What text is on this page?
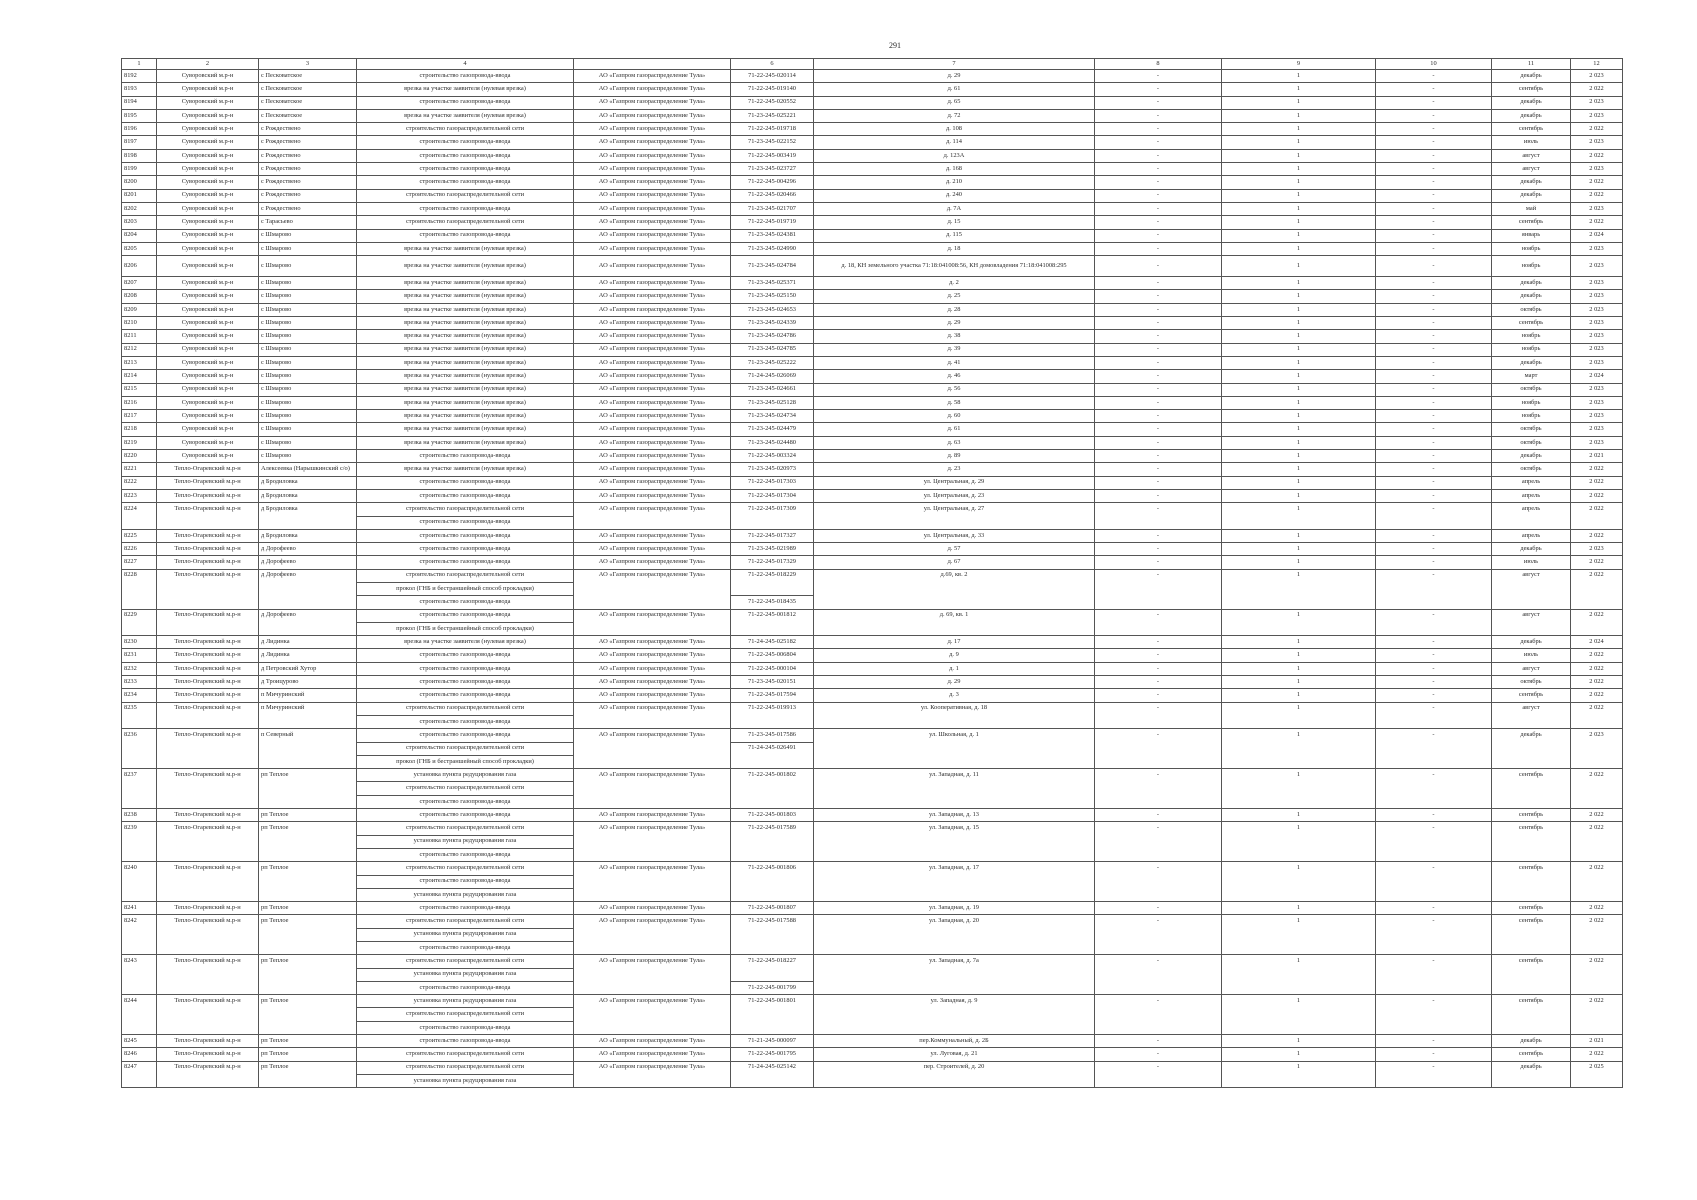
291
1	2	3	4		6	7	8	9	10	11	12
8192	Суворовский м.р-н	с Песковатское	строительство газопровода-ввода	АО «Газпром газораспределение Тула»	71-22-245-020114	д. 29	-	1	-	декабрь	2 023
8193	Суворовский м.р-н	с Песковатское	врезка на участке заявителя (нулевая врезка)	АО «Газпром газораспределение Тула»	71-22-245-019140	д. 61	-	1	-	сентябрь	2 022
8194	Суворовский м.р-н	с Песковатское	строительство газопровода-ввода	АО «Газпром газораспределение Тула»	71-22-245-020552	д. 65	-	1	-	декабрь	2 023
8195	Суворовский м.р-н	с Песковатское	врезка на участке заявителя (нулевая врезка)	АО «Газпром газораспределение Тула»	71-23-245-025221	д. 72	-	1	-	декабрь	2 023
8196	Суворовский м.р-н	с Рождествено	строительство газораспределительной сети	АО «Газпром газораспределение Тула»	71-22-245-019718	д. 108	-	1	-	сентябрь	2 022
8197	Суворовский м.р-н	с Рождествено	строительство газопровода-ввода	АО «Газпром газораспределение Тула»	71-23-245-022152	д. 114	-	1	-	июль	2 023
8198	Суворовский м.р-н	с Рождествено	строительство газопровода-ввода	АО «Газпром газораспределение Тула»	71-22-245-003419	д. 123А	-	1	-	август	2 022
8199	Суворовский м.р-н	с Рождествено	строительство газопровода-ввода	АО «Газпром газораспределение Тула»	71-23-245-023727	д. 168	-	1	-	август	2 023
8200	Суворовский м.р-н	с Рождествено	строительство газопровода-ввода	АО «Газпром газораспределение Тула»	71-22-245-004296	д. 210	-	1	-	декабрь	2 022
8201	Суворовский м.р-н	с Рождествено	строительство газораспределительной сети	АО «Газпром газораспределение Тула»	71-22-245-020466	д. 240	-	1	-	декабрь	2 022
8202	Суворовский м.р-н	с Рождествено	строительство газопровода-ввода	АО «Газпром газораспределение Тула»	71-23-245-021707	д. 7А	-	1	-	май	2 023
8203	Суворовский м.р-н	с Тарасьево	строительство газораспределительной сети	АО «Газпром газораспределение Тула»	71-22-245-019719	д. 15	-	1	-	сентябрь	2 022
8204	Суворовский м.р-н	с Шмарово	строительство газопровода-ввода	АО «Газпром газораспределение Тула»	71-23-245-024381	д. 115	-	1	-	январь	2 024
8205	Суворовский м.р-н	с Шмарово	врезка на участке заявителя (нулевая врезка)	АО «Газпром газораспределение Тула»	71-23-245-024990	д. 18	-	1	-	ноябрь	2 023
8206	Суворовский м.р-н	с Шмарово	врезка на участке заявителя (нулевая врезка)	АО «Газпром газораспределение Тула»	71-23-245-024784	д. 18, КН земельного участка 71:18:041008:56, КН домовладения 71:18:041008:295	-	1	-	ноябрь	2 023
8207	Суворовский м.р-н	с Шмарово	врезка на участке заявителя (нулевая врезка)	АО «Газпром газораспределение Тула»	71-23-245-025371	д. 2	-	1	-	декабрь	2 023
8208	Суворовский м.р-н	с Шмарово	врезка на участке заявителя (нулевая врезка)	АО «Газпром газораспределение Тула»	71-23-245-025150	д. 25	-	1	-	декабрь	2 023
8209	Суворовский м.р-н	с Шмарово	врезка на участке заявителя (нулевая врезка)	АО «Газпром газораспределение Тула»	71-23-245-024653	д. 28	-	1	-	октябрь	2 023
8210	Суворовский м.р-н	с Шмарово	врезка на участке заявителя (нулевая врезка)	АО «Газпром газораспределение Тула»	71-23-245-024339	д. 29	-	1	-	сентябрь	2 023
8211	Суворовский м.р-н	с Шмарово	врезка на участке заявителя (нулевая врезка)	АО «Газпром газораспределение Тула»	71-23-245-024786	д. 38	-	1	-	ноябрь	2 023
8212	Суворовский м.р-н	с Шмарово	врезка на участке заявителя (нулевая врезка)	АО «Газпром газораспределение Тула»	71-23-245-024785	д. 39	-	1	-	ноябрь	2 023
8213	Суворовский м.р-н	с Шмарово	врезка на участке заявителя (нулевая врезка)	АО «Газпром газораспределение Тула»	71-23-245-025222	д. 41	-	1	-	декабрь	2 023
8214	Суворовский м.р-н	с Шмарово	врезка на участке заявителя (нулевая врезка)	АО «Газпром газораспределение Тула»	71-24-245-026069	д. 46	-	1	-	март	2 024
8215	Суворовский м.р-н	с Шмарово	врезка на участке заявителя (нулевая врезка)	АО «Газпром газораспределение Тула»	71-23-245-024661	д. 56	-	1	-	октябрь	2 023
8216	Суворовский м.р-н	с Шмарово	врезка на участке заявителя (нулевая врезка)	АО «Газпром газораспределение Тула»	71-23-245-025128	д. 58	-	1	-	ноябрь	2 023
8217	Суворовский м.р-н	с Шмарово	врезка на участке заявителя (нулевая врезка)	АО «Газпром газораспределение Тула»	71-23-245-024734	д. 60	-	1	-	ноябрь	2 023
8218	Суворовский м.р-н	с Шмарово	врезка на участке заявителя (нулевая врезка)	АО «Газпром газораспределение Тула»	71-23-245-024479	д. 61	-	1	-	октябрь	2 023
8219	Суворовский м.р-н	с Шмарово	врезка на участке заявителя (нулевая врезка)	АО «Газпром газораспределение Тула»	71-23-245-024480	д. 63	-	1	-	октябрь	2 023
8220	Суворовский м.р-н	с Шмарово	строительство газопровода-ввода	АО «Газпром газораспределение Тула»	71-22-245-003324	д. 89	-	1	-	декабрь	2 021
8221	Тепло-Огаревский м.р-н	Алексеевка (Нарышкинский с/о)	врезка на участке заявителя (нулевая врезка)	АО «Газпром газораспределение Тула»	71-23-245-020973	д. 23	-	1	-	октябрь	2 022
8222	Тепло-Огаревский м.р-н	д Бродиловка	строительство газопровода-ввода	АО «Газпром газораспределение Тула»	71-22-245-017303	ул. Центральная, д. 29	-	1	-	апрель	2 022
8223	Тепло-Огаревский м.р-н	д Бродиловка	строительство газопровода-ввода	АО «Газпром газораспределение Тула»	71-22-245-017304	ул. Центральная, д. 23	-	1	-	апрель	2 022
8224	Тепло-Огаревский м.р-н	д Бродиловка	строительство газораспределительной сети	АО «Газпром газораспределение Тула»	71-22-245-017309	ул. Центральная, д. 27	-	1	-	апрель	2 022
			строительство газопровода-ввода								
8225	Тепло-Огаревский м.р-н	д Бродиловка	строительство газопровода-ввода	АО «Газпром газораспределение Тула»	71-22-245-017327	ул. Центральная, д. 33	-	1	-	апрель	2 022
8226	Тепло-Огаревский м.р-н	д Дорофеево	строительство газопровода-ввода	АО «Газпром газораспределение Тула»	71-23-245-021989	д. 57	-	1	-	декабрь	2 023
8227	Тепло-Огаревский м.р-н	д Дорофеево	строительство газопровода-ввода	АО «Газпром газораспределение Тула»	71-22-245-017329	д. 67	-	1	-	июль	2 022
8228	Тепло-Огаревский м.р-н	д Дорофеево	строительство газораспределительной сети	АО «Газпром газораспределение Тула»	71-22-245-018229	д.69, кв. 2	-	1	-	август	2 022
			прокол (ГНБ и бестраншейный способ прокладки)								
			строительство газопровода-ввода		71-22-245-018435						
8229	Тепло-Огаревский м.р-н	д Дорофеево	строительство газопровода-ввода	АО «Газпром газораспределение Тула»	71-22-245-001812	д. 69, кв. 1	-	1	-	август	2 022
			прокол (ГНБ и бестраншейный способ прокладки)								
8230	Тепло-Огаревский м.р-н	д Лидинка	врезка на участке заявителя (нулевая врезка)	АО «Газпром газораспределение Тула»	71-24-245-025182	д. 17	-	1	-	декабрь	2 024
8231	Тепло-Огаревский м.р-н	д Лидинка	строительство газопровода-ввода	АО «Газпром газораспределение Тула»	71-22-245-006804	д. 9	-	1	-	июль	2 022
8232	Тепло-Огаревский м.р-н	д Петровский Хутор	строительство газопровода-ввода	АО «Газпром газораспределение Тула»	71-22-245-000104	д. 1	-	1	-	август	2 022
8233	Тепло-Огаревский м.р-н	д Троицурово	строительство газопровода-ввода	АО «Газпром газораспределение Тула»	71-23-245-020151	д. 29	-	1	-	октябрь	2 022
8234	Тепло-Огаревский м.р-н	п Мичуринский	строительство газопровода-ввода	АО «Газпром газораспределение Тула»	71-22-245-017594	д. 3	-	1	-	сентябрь	2 022
8235	Тепло-Огаревский м.р-н	п Мичуринский	строительство газораспределительной сети	АО «Газпром газораспределение Тула»	71-22-245-019913	ул. Кооперативная, д. 18	-	1	-	август	2 022
			строительство газопровода-ввода								
8236	Тепло-Огаревский м.р-н	п Северный	строительство газопровода-ввода	АО «Газпром газораспределение Тула»	71-23-245-017586	ул. Школьная, д. 1	-	1	-	декабрь	2 023
			строительство газораспределительной сети		71-24-245-026491						
			прокол (ГНБ и бестраншейный способ прокладки)								
8237	Тепло-Огаревский м.р-н	рп Теплое	установка пункта редуцирования газа	АО «Газпром газораспределение Тула»	71-22-245-001802	ул. Западная, д. 11	-	1	-	сентябрь	2 022
			строительство газораспределительной сети								
			строительство газопровода-ввода								
8238	Тепло-Огаревский м.р-н	рп Теплое	строительство газопровода-ввода	АО «Газпром газораспределение Тула»	71-22-245-001803	ул. Западная, д. 13	-	1	-	сентябрь	2 022
8239	Тепло-Огаревский м.р-н	рп Теплое	строительство газораспределительной сети	АО «Газпром газораспределение Тула»	71-22-245-017589	ул. Западная, д. 15	-	1	-	сентябрь	2 022
			установка пункта редуцирования газа								
			строительство газопровода-ввода								
8240	Тепло-Огаревский м.р-н	рп Теплое	строительство газораспределительной сети	АО «Газпром газораспределение Тула»	71-22-245-001806	ул. Западная, д. 17	-	1	-	сентябрь	2 022
			строительство газопровода-ввода								
			установка пункта редуцирования газа								
8241	Тепло-Огаревский м.р-н	рп Теплое	строительство газопровода-ввода	АО «Газпром газораспределение Тула»	71-22-245-001807	ул. Западная, д. 19	-	1	-	сентябрь	2 022
8242	Тепло-Огаревский м.р-н	рп Теплое	строительство газораспределительной сети	АО «Газпром газораспределение Тула»	71-22-245-017588	ул. Западная, д. 20	-	1	-	сентябрь	2 022
			установка пункта редуцирования газа								
			строительство газопровода-ввода								
8243	Тепло-Огаревский м.р-н	рп Теплое	строительство газораспределительной сети	АО «Газпром газораспределение Тула»	71-22-245-018227	ул. Западная, д. 7а	-	1	-	сентябрь	2 022
			установка пункта редуцирования газа								
			строительство газопровода-ввода		71-22-245-001799						
8244	Тепло-Огаревский м.р-н	рп Теплое	установка пункта редуцирования газа	АО «Газпром газораспределение Тула»	71-22-245-001801	ул. Западная, д. 9	-	1	-	сентябрь	2 022
			строительство газораспределительной сети								
			строительство газопровода-ввода								
8245	Тепло-Огаревский м.р-н	рп Теплое	строительство газопровода-ввода	АО «Газпром газораспределение Тула»	71-21-245-000097	пер.Коммунальный, д. 2Б	-	1	-	декабрь	2 021
8246	Тепло-Огаревский м.р-н	рп Теплое	строительство газораспределительной сети	АО «Газпром газораспределение Тула»	71-22-245-001795	ул. Луговая, д. 21	-	1	-	сентябрь	2 022
8247	Тепло-Огаревский м.р-н	рп Теплое	строительство газораспределительной сети	АО «Газпром газораспределение Тула»	71-24-245-025142	пер. Строителей, д. 20	-	1	-	декабрь	2 025
			установка пункта редуцирования газа								
